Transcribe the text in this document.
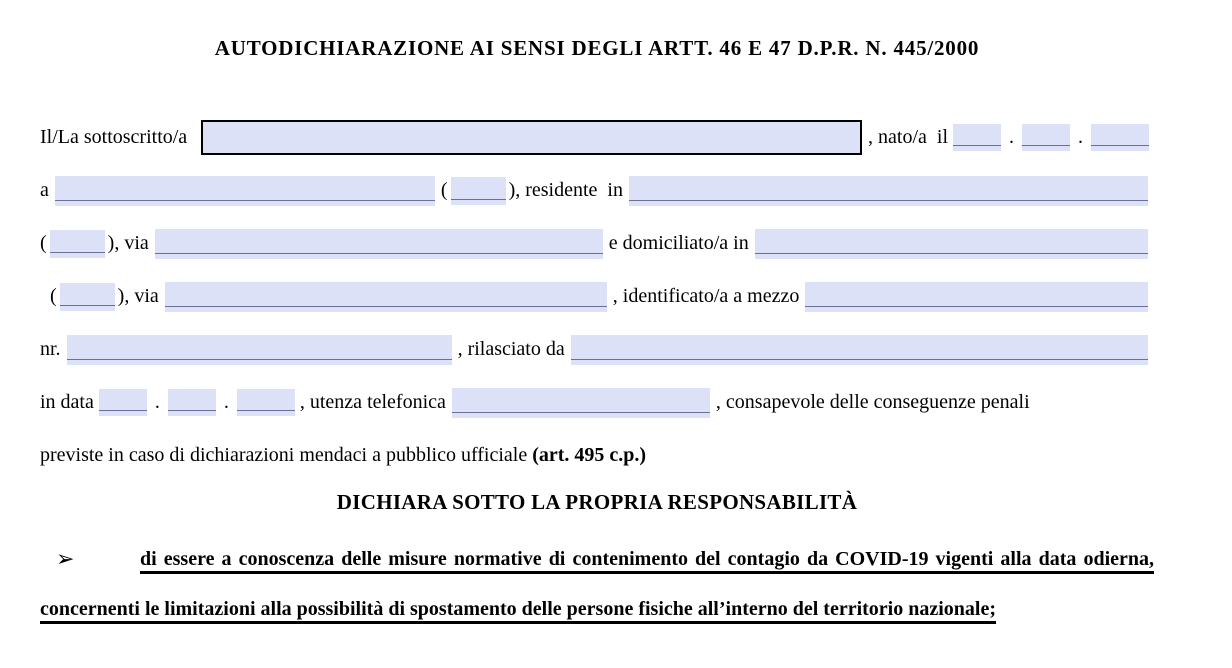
AUTODICHIARAZIONE AI SENSI DEGLI ARTT. 46 E 47 D.P.R. N. 445/2000
Il/La sottoscritto/a	, nato/a  il	.	.
a	(	), residente  in
(	), via	e domiciliato/a in
(	), via	, identificato/a a mezzo
nr.	, rilasciato da
in data	.	.	, utenza telefonica	, consapevole delle conseguenze penali
previste in caso di dichiarazioni mendaci a pubblico ufficiale (art. 495 c.p.)
DICHIARA SOTTO LA PROPRIA RESPONSABILITÀ
➢	di essere a conoscenza delle misure normative di contenimento del contagio da COVID-19 vigenti alla data odierna, concernenti le limitazioni alla possibilità di spostamento delle persone fisiche all’interno del territorio nazionale;
